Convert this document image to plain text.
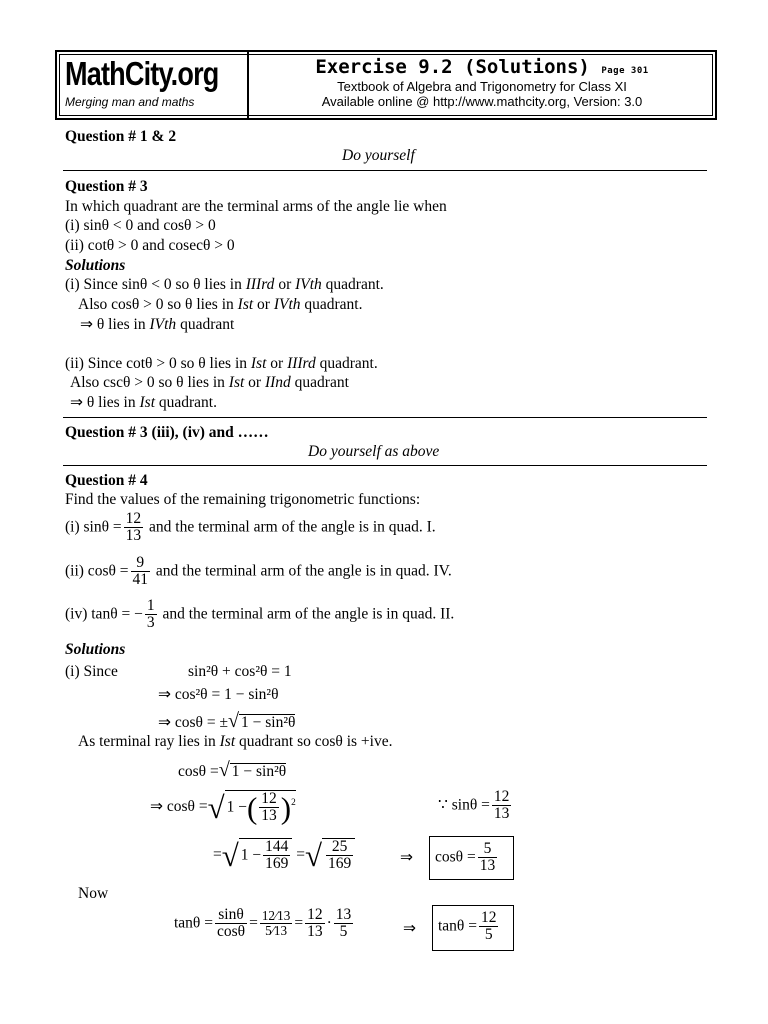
MathCity.org
Merging man and maths
Exercise 9.2 (Solutions) Page 301
Textbook of Algebra and Trigonometry for Class XI
Available online @ http://www.mathcity.org, Version: 3.0
Question # 1 & 2
Do yourself
Question # 3
In which quadrant are the terminal arms of the angle lie when
(i) sinθ < 0 and cosθ > 0
(ii) cotθ > 0 and cosecθ > 0
Solutions
(i) Since sinθ < 0 so θ lies in IIIrd or IVth quadrant.
Also cosθ > 0 so θ lies in Ist or IVth quadrant.
⇒ θ lies in IVth quadrant
(ii) Since cotθ > 0 so θ lies in Ist or IIIrd quadrant.
Also cscθ > 0 so θ lies in Ist or IInd quadrant
⇒ θ lies in Ist quadrant.
Question # 3 (iii), (iv) and ……
Do yourself as above
Question # 4
Find the values of the remaining trigonometric functions:
(i) $\sin\theta = \frac{12}{13}$ and the terminal arm of the angle is in quad. I.
(ii) $\cos\theta = \frac{9}{41}$ and the terminal arm of the angle is in quad. IV.
(iv) tanθ = − $\frac{1}{3}$ and the terminal arm of the angle is in quad. II.
Solutions
(i) Since	sin²θ + cos²θ = 1
⇒ cos²θ = 1 − sin²θ
⇒ cosθ = ±√ 1 − sin²θ
As terminal ray lies in Ist quadrant so cosθ is +ive.
cosθ =√ 1 − sin²θ
⇒ cosθ =√ 1 −( $\frac{12}{13} )^2$	∵ $\sin\theta = \frac{12}{13}$
=√ $1 - \frac{144}{169}$ =√ $\frac{25}{169}$	⇒ $\cos\theta = \frac{5}{13}$
Now
$\tan\theta = \frac{\sin\theta}{\cos\theta} = \frac{12⁄13}{5⁄13} = \frac{12}{13} \cdot \frac{13}{5}$	⇒ $\tan\theta = \frac{12}{5}$
